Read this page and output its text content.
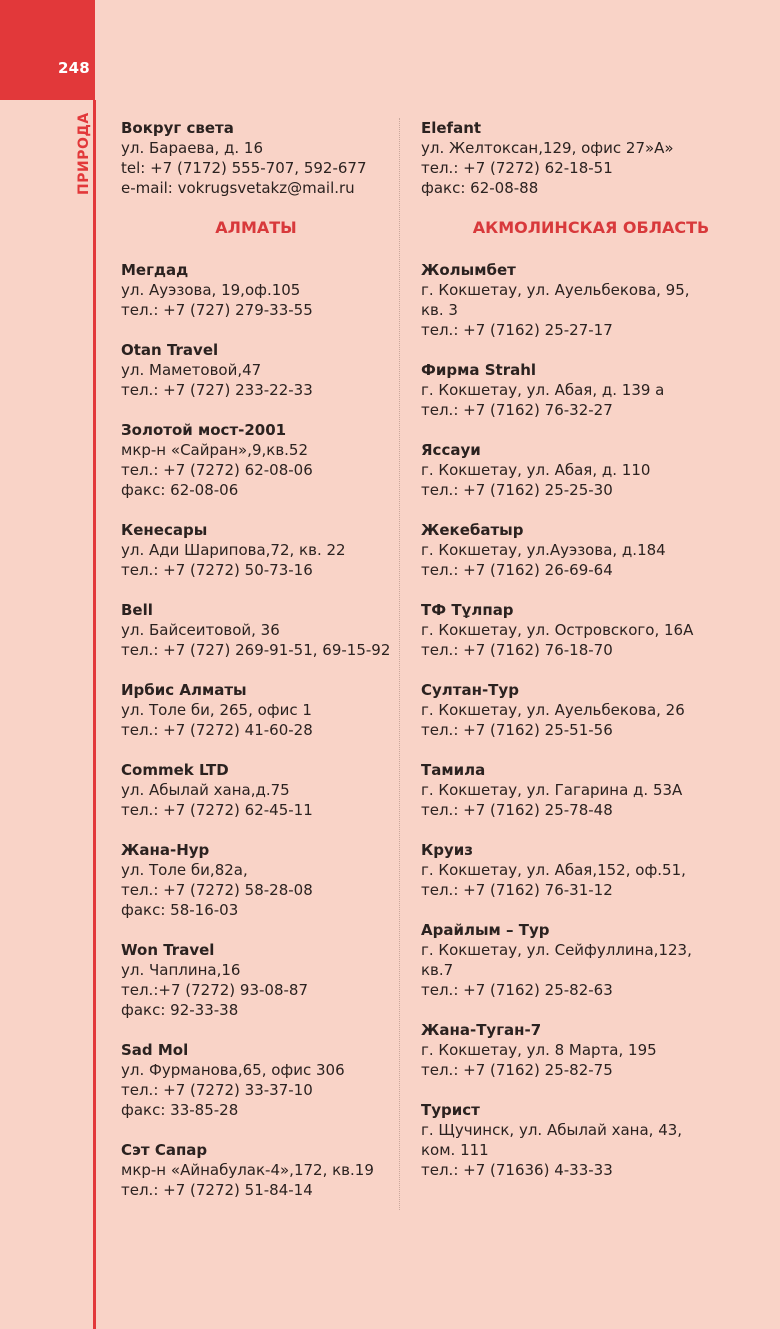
248
ПРИРОДА Вокруг света
ул. Бараева, д. 16
tel: +7 (7172) 555-707, 592-677
e-mail: vokrugsvetakz@mail.ru
АЛМАТЫ
Мегдад
ул. Ауэзова, 19,оф.105
тел.: +7 (727) 279-33-55
Otan Travel
ул. Маметовой,47
тел.: +7 (727) 233-22-33
Золотой мост-2001
мкр-н «Сайран»,9,кв.52
тел.: +7 (7272) 62-08-06
факс: 62-08-06
Кенесары
ул. Ади Шарипова,72, кв. 22
тел.: +7 (7272) 50-73-16
Bell
ул. Байсеитовой, 36
тел.: +7 (727) 269-91-51, 69-15-92
Ирбис Алматы
ул. Толе би, 265, офис 1
тел.: +7 (7272) 41-60-28
Commek LTD
ул. Абылай хана,д.75
тел.: +7 (7272) 62-45-11
Жана-Нур
ул. Толе би,82а,
тел.: +7 (7272) 58-28-08
факс: 58-16-03
Won Travel
ул. Чаплина,16
тел.:+7 (7272) 93-08-87
факс: 92-33-38
Sad Mol
ул. Фурманова,65, офис 306
тел.: +7 (7272) 33-37-10
факс: 33-85-28
Сэт Сапар
мкр-н «Айнабулак-4»,172, кв.19
тел.: +7 (7272) 51-84-14
Elefant
ул. Желтоксан,129, офис 27»А»
тел.: +7 (7272) 62-18-51
факс: 62-08-88
АКМОЛИНСКАЯ ОБЛАСТЬ
Жолымбет
г. Кокшетау, ул. Ауельбекова, 95,
кв. 3
тел.: +7 (7162) 25-27-17
Фирма Strahl
г. Кокшетау, ул. Абая, д. 139 а
тел.: +7 (7162) 76-32-27
Яссауи
г. Кокшетау, ул. Абая, д. 110
тел.: +7 (7162) 25-25-30
Жекебатыр
г. Кокшетау, ул.Ауэзова, д.184
тел.: +7 (7162) 26-69-64
ТФ Тұлпар
г. Кокшетау, ул. Островского, 16А
тел.: +7 (7162) 76-18-70
Султан-Тур
г. Кокшетау, ул. Ауельбекова, 26
тел.: +7 (7162) 25-51-56
Тамила
г. Кокшетау, ул. Гагарина д. 53А
тел.: +7 (7162) 25-78-48
Круиз
г. Кокшетау, ул. Абая,152, оф.51,
тел.: +7 (7162) 76-31-12
Арайлым – Тур
г. Кокшетау, ул. Сейфуллина,123,
кв.7
тел.: +7 (7162) 25-82-63
Жана-Туган-7
г. Кокшетау, ул. 8 Марта, 195
тел.: +7 (7162) 25-82-75
Турист
г. Щучинск, ул. Абылай хана, 43,
ком. 111
тел.: +7 (71636) 4-33-33
